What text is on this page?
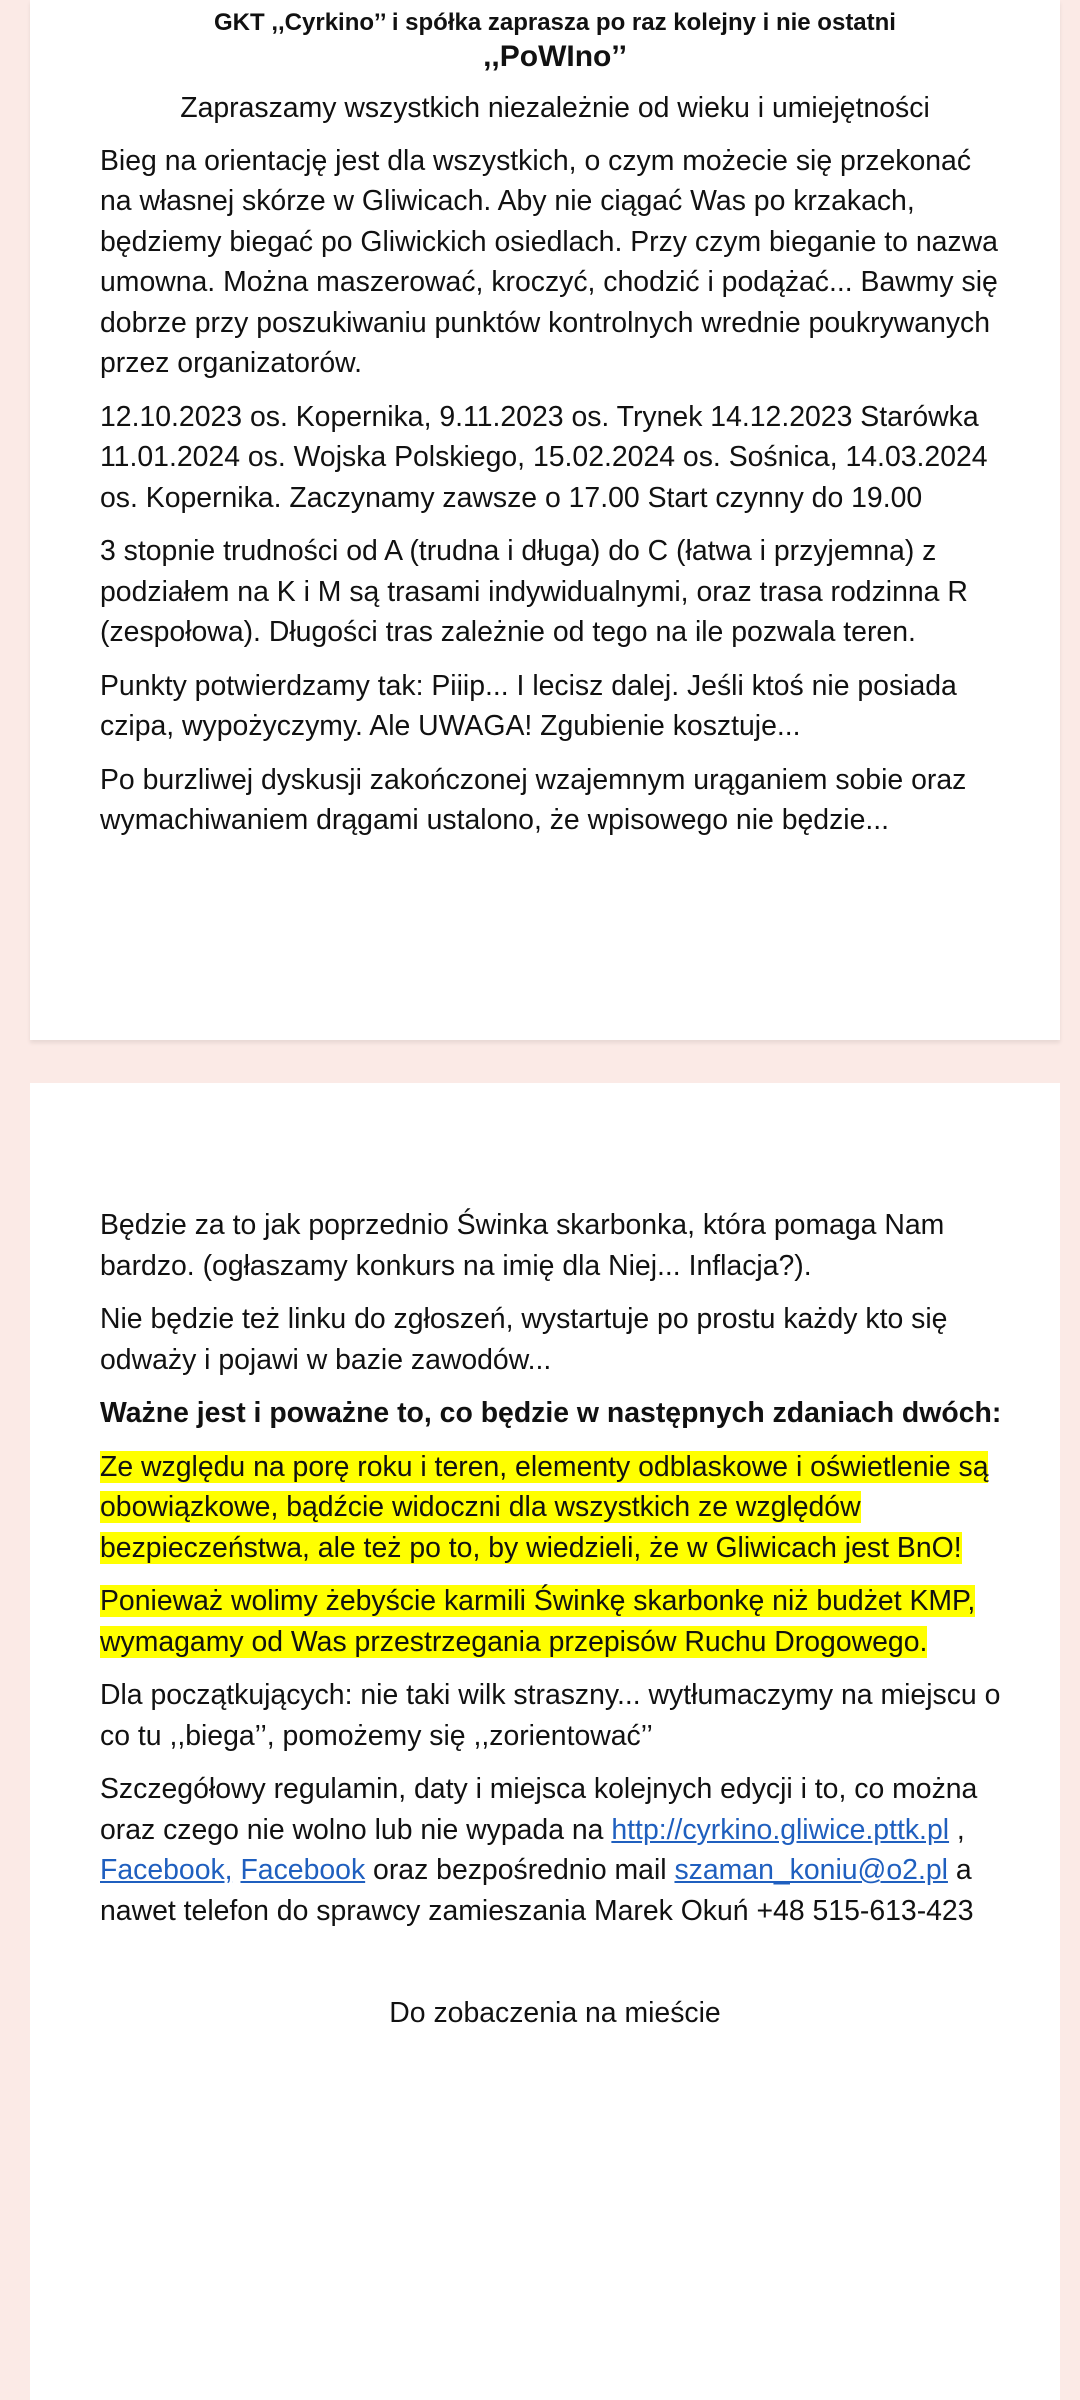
GKT ,,Cyrkino’’ i spółka zaprasza po raz kolejny i nie ostatni

,,PoWIno’’

Zapraszamy wszystkich niezależnie od wieku i umiejętności

Bieg na orientację jest dla wszystkich, o czym możecie się przekonać na własnej skórze w Gliwicach. Aby nie ciągać Was po krzakach, będziemy biegać po Gliwickich osiedlach. Przy czym bieganie to nazwa umowna. Można maszerować, kroczyć, chodzić i podążać... Bawmy się dobrze przy poszukiwaniu punktów kontrolnych wrednie poukrywanych przez organizatorów.

12.10.2023 os. Kopernika, 9.11.2023 os. Trynek 14.12.2023 Starówka 11.01.2024 os. Wojska Polskiego, 15.02.2024 os. Sośnica, 14.03.2024 os. Kopernika. Zaczynamy zawsze o 17.00 Start czynny do 19.00

3 stopnie trudności od A (trudna i długa) do C (łatwa i przyjemna) z podziałem na K i M są trasami indywidualnymi, oraz trasa rodzinna R (zespołowa). Długości tras zależnie od tego na ile pozwala teren.

Punkty potwierdzamy tak: Piiip... I lecisz dalej. Jeśli ktoś nie posiada czipa, wypożyczymy. Ale UWAGA! Zgubienie kosztuje...

Po burzliwej dyskusji zakończonej wzajemnym urąganiem sobie oraz wymachiwaniem drągami ustalono, że wpisowego nie będzie...

Będzie za to jak poprzednio Świnka skarbonka, która pomaga Nam bardzo. (ogłaszamy konkurs na imię dla Niej... Inflacja?).

Nie będzie też linku do zgłoszeń, wystartuje po prostu każdy kto się odważy i pojawi w bazie zawodów...

Ważne jest i poważne to, co będzie w następnych zdaniach dwóch:

Ze względu na porę roku i teren, elementy odblaskowe i oświetlenie są obowiązkowe, bądźcie widoczni dla wszystkich ze względów bezpieczeństwa, ale też po to, by wiedzieli, że w Gliwicach jest BnO!

Ponieważ wolimy żebyście karmili Świnkę skarbonkę niż budżet KMP, wymagamy od Was przestrzegania przepisów Ruchu Drogowego.

Dla początkujących: nie taki wilk straszny... wytłumaczymy na miejscu o co tu ,,biega’’, pomożemy się ,,zorientować’’

Szczegółowy regulamin, daty i miejsca kolejnych edycji i to, co można oraz czego nie wolno lub nie wypada na http://cyrkino.gliwice.pttk.pl , Facebook, Facebook oraz bezpośrednio mail szaman_koniu@o2.pl a nawet telefon do sprawcy zamieszania Marek Okuń +48 515-613-423

Do zobaczenia na mieście
